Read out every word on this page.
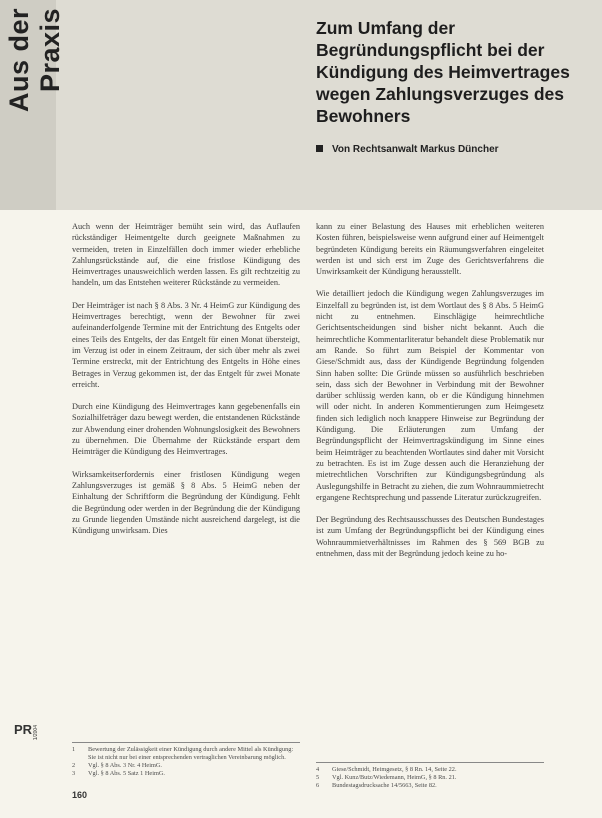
Aus der Praxis	Zum Umfang der
Begründungspflicht bei der
Kündigung des Heimvertrages
wegen Zahlungsverzuges des
Bewohners
Von Rechtsanwalt Markus Düncher

Auch wenn der Heimträger bemüht sein wird, das Auflaufen rückständiger Heimentgelte durch geeignete Maßnahmen zu vermeiden, treten in Einzelfällen doch immer wieder erhebliche Zahlungsrückstände auf, die eine fristlose Kündigung des Heimvertrages unausweichlich werden lassen. Es gilt rechtzeitig zu handeln, um das Entstehen weiterer Rückstände zu vermeiden.

Der Heimträger ist nach § 8 Abs. 3 Nr. 4 HeimG zur Kündigung des Heimvertrages berechtigt, wenn der Bewohner für zwei aufeinanderfolgende Termine mit der Entrichtung des Entgelts oder eines Teils des Entgelts, der das Entgelt für einen Monat übersteigt, im Verzug ist oder in einem Zeitraum, der sich über mehr als zwei Termine erstreckt, mit der Entrichtung des Entgelts in Höhe eines Betrages in Verzug gekommen ist, der das Entgelt für zwei Monate erreicht.

Durch eine Kündigung des Heimvertrages kann gegebenenfalls ein Sozialhilfeträger dazu bewegt werden, die entstandenen Rückstände zur Abwendung einer drohenden Wohnungslosigkeit des Bewohners zu übernehmen. Die Übernahme der Rückstände erspart dem Heimträger die Kündigung des Heimvertrages.

Wirksamkeitserfordernis einer fristlosen Kündigung wegen Zahlungsverzuges ist gemäß § 8 Abs. 5 HeimG neben der Einhaltung der Schriftform die Begründung der Kündigung. Fehlt die Begründung oder werden in der Begründung die der Kündigung zu Grunde liegenden Umstände nicht ausreichend dargelegt, ist die Kündigung unwirksam. Dies

kann zu einer Belastung des Hauses mit erheblichen weiteren Kosten führen, beispielsweise wenn aufgrund einer auf Heimentgelt begründeten Kündigung bereits ein Räumungsverfahren eingeleitet werden ist und sich erst im Zuge des Gerichtsverfahrens die Unwirksamkeit der Kündigung herausstellt.

Wie detailliert jedoch die Kündigung wegen Zahlungsverzuges im Einzelfall zu begründen ist, ist dem Wortlaut des § 8 Abs. 5 HeimG nicht zu entnehmen. Einschlägige heimrechtliche Gerichtsentscheidungen sind bisher nicht bekannt. Auch die heimrechtliche Kommentarliteratur behandelt diese Problematik nur am Rande. So führt zum Beispiel der Kommentar von Giese/Schmidt aus, dass der Kündigende Begründung folgenden Sinn haben sollte: Die Gründe müssen so ausführlich beschrieben sein, dass sich der Bewohner in Verbindung mit der Bewohner darüber schlüssig werden kann, ob er die Kündigung hinnehmen will oder nicht. In anderen Kommentierungen zum Heimgesetz finden sich lediglich noch knappere Hinweise zur Begründung der Kündigung. Die Erläuterungen zum Umfang der Begründungspflicht der Heimvertragskündigung im Sinne eines beim Heimträger zu beachtenden Wortlautes sind daher mit Vorsicht zu betrachten. Es ist im Zuge dessen auch die Heranziehung der mietrechtlichen Vorschriften zur Kündigungsbegründung als Auslegungshilfe in Betracht zu ziehen, die zum Wohnraummietrecht ergangene Rechtsprechung und passende Literatur zurückzugreifen.

Der Begründung des Rechtsausschusses des Deutschen Bundestages ist zum Umfang der Begründungspflicht bei der Kündigung eines Wohnraummietverhältnisses im Rahmen des § 569 BGB zu entnehmen, dass mit der Begründung jedoch keine zu ho-

1	Bewertung der Zulässigkeit einer Kündigung durch andere Mittel als Kündigung: Sie ist nicht nur bei einer entsprechenden vertraglichen Vereinbarung möglich.
2	Vgl. § 8 Abs. 3 Nr. 4 HeimG.
3	Vgl. § 8 Abs. 5 Satz 1 HeimG.
4	Giese/Schmidt, Heimgesetz, § 8 Rn. 14, Seite 22.
5	Vgl. Kunz/Butz/Wiedemann, HeimG, § 8 Rn. 21.
6	Bundestagsdrucksache 14/5663, Seite 82.
PR 1/2004
160
